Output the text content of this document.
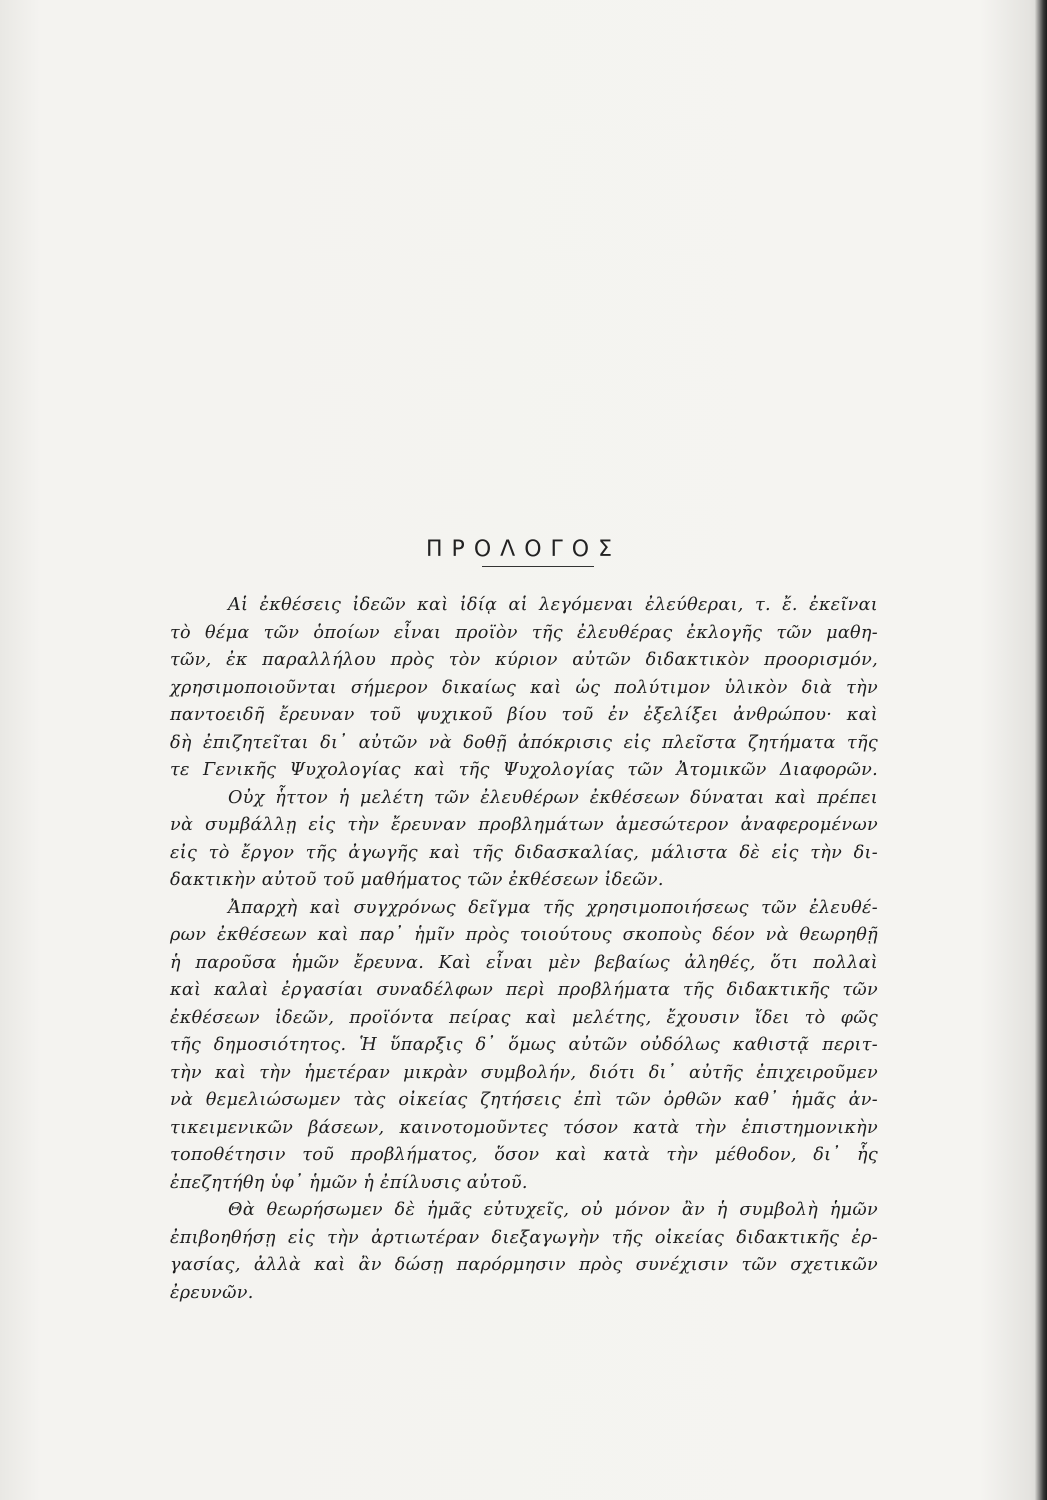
ΠΡΟΛΟΓΟΣ
Αἱ ἐκθέσεις ἰδεῶν καὶ ἰδίᾳ αἱ λεγόμεναι ἐλεύθεραι, τ. ἔ. ἐκεῖναι
τὸ θέμα τῶν ὁποίων εἶναι προϊὸν τῆς ἐλευθέρας ἐκλογῆς τῶν μαθη-
τῶν, ἐκ παραλλήλου πρὸς τὸν κύριον αὐτῶν διδακτικὸν προορισμόν,
χρησιμοποιοῦνται σήμερον δικαίως καὶ ὡς πολύτιμον ὑλικὸν διὰ τὴν
παντοειδῆ ἔρευναν τοῦ ψυχικοῦ βίου τοῦ ἐν ἐξελίξει ἀνθρώπου· καὶ
δὴ ἐπιζητεῖται δι᾽ αὐτῶν νὰ δοθῇ ἀπόκρισις εἰς πλεῖστα ζητήματα τῆς
τε Γενικῆς Ψυχολογίας καὶ τῆς Ψυχολογίας τῶν Ἀτομικῶν Διαφορῶν.
Οὐχ ἧττον ἡ μελέτη τῶν ἐλευθέρων ἐκθέσεων δύναται καὶ πρέπει
νὰ συμβάλλῃ εἰς τὴν ἔρευναν προβλημάτων ἀμεσώτερον ἀναφερομένων
εἰς τὸ ἔργον τῆς ἀγωγῆς καὶ τῆς διδασκαλίας, μάλιστα δὲ εἰς τὴν δι-
δακτικὴν αὐτοῦ τοῦ μαθήματος τῶν ἐκθέσεων ἰδεῶν.
Ἀπαρχὴ καὶ συγχρόνως δεῖγμα τῆς χρησιμοποιήσεως τῶν ἐλευθέ-
ρων ἐκθέσεων καὶ παρ᾽ ἡμῖν πρὸς τοιούτους σκοποὺς δέον νὰ θεωρηθῇ
ἡ παροῦσα ἡμῶν ἔρευνα. Καὶ εἶναι μὲν βεβαίως ἀληθές, ὅτι πολλαὶ
καὶ καλαὶ ἐργασίαι συναδέλφων περὶ προβλήματα τῆς διδακτικῆς τῶν
ἐκθέσεων ἰδεῶν, προϊόντα πείρας καὶ μελέτης, ἔχουσιν ἴδει τὸ φῶς
τῆς δημοσιότητος. Ἡ ὕπαρξις δ᾽ ὅμως αὐτῶν οὐδόλως καθιστᾷ περιτ-
τὴν καὶ τὴν ἡμετέραν μικρὰν συμβολήν, διότι δι᾽ αὐτῆς ἐπιχειροῦμεν
νὰ θεμελιώσωμεν τὰς οἰκείας ζητήσεις ἐπὶ τῶν ὀρθῶν καθ᾽ ἡμᾶς ἀν-
τικειμενικῶν βάσεων, καινοτομοῦντες τόσον κατὰ τὴν ἐπιστημονικὴν
τοποθέτησιν τοῦ προβλήματος, ὅσον καὶ κατὰ τὴν μέθοδον, δι᾽ ἧς
ἐπεζητήθη ὑφ᾽ ἡμῶν ἡ ἐπίλυσις αὐτοῦ.
Θὰ θεωρήσωμεν δὲ ἡμᾶς εὐτυχεῖς, οὐ μόνον ἂν ἡ συμβολὴ ἡμῶν
ἐπιβοηθήσῃ εἰς τὴν ἀρτιωτέραν διεξαγωγὴν τῆς οἰκείας διδακτικῆς ἐρ-
γασίας, ἀλλὰ καὶ ἂν δώσῃ παρόρμησιν πρὸς συνέχισιν τῶν σχετικῶν
ἐρευνῶν.
